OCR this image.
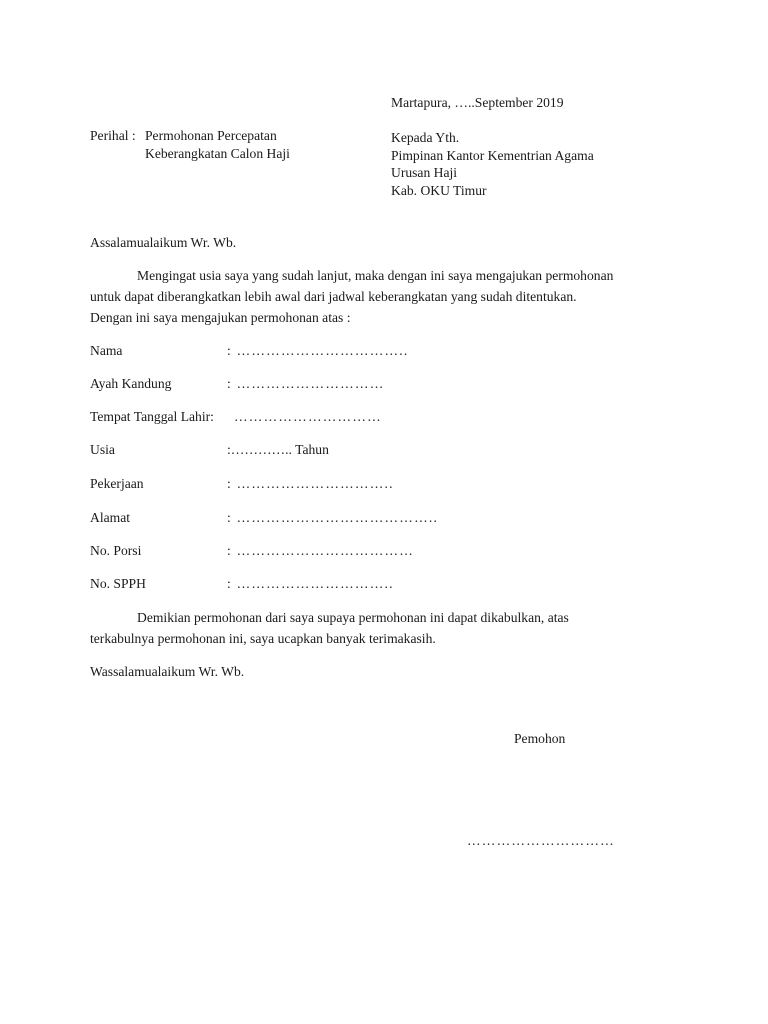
Martapura, …..September 2019
Perihal : Permohonan Percepatan
Keberangkatan Calon Haji
Kepada Yth.
Pimpinan Kantor Kementrian Agama
Urusan Haji
Kab. OKU Timur
Assalamualaikum Wr. Wb.
Mengingat usia saya yang sudah lanjut, maka dengan ini saya mengajukan permohonan
untuk dapat diberangkatkan lebih awal dari jadwal keberangkatan yang sudah ditentukan.
Dengan ini saya mengajukan permohonan atas :
Nama	: ……………………………..
Ayah Kandung	: …………………………
Tempat Tanggal Lahir: …………………………
Usia	:………….. Tahun
Pekerjaan	: …………………………..
Alamat	: …………………………………..
No. Porsi	: ………………………………
No. SPPH	: …………………………..
Demikian permohonan dari saya supaya permohonan ini dapat dikabulkan, atas
terkabulnya permohonan ini, saya ucapkan banyak terimakasih.
Wassalamualaikum Wr. Wb.
Pemohon
…………………………
